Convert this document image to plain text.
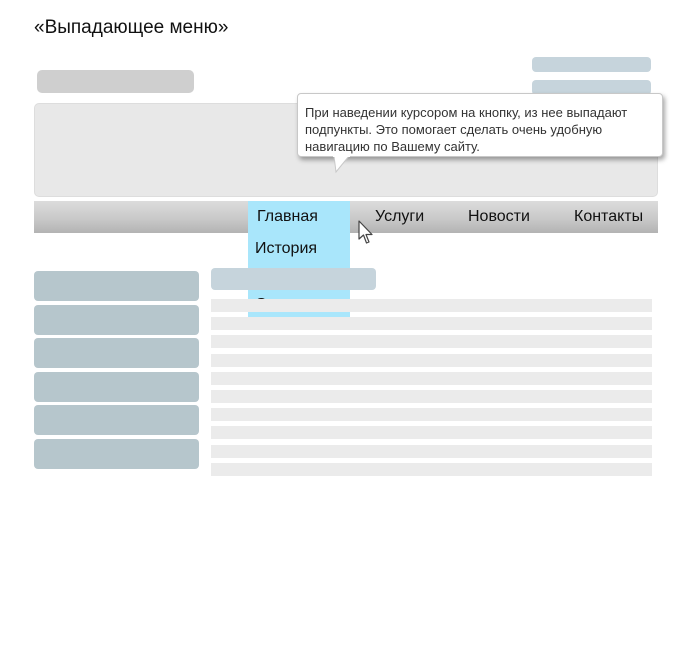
«Выпадающее меню»
Главная	Услуги	Новости	Контакты
История
При наведении курсором на кнопку, из нее выпадают подпункты. Это помогает сделать очень удобную навигацию по Вашему сайту.
